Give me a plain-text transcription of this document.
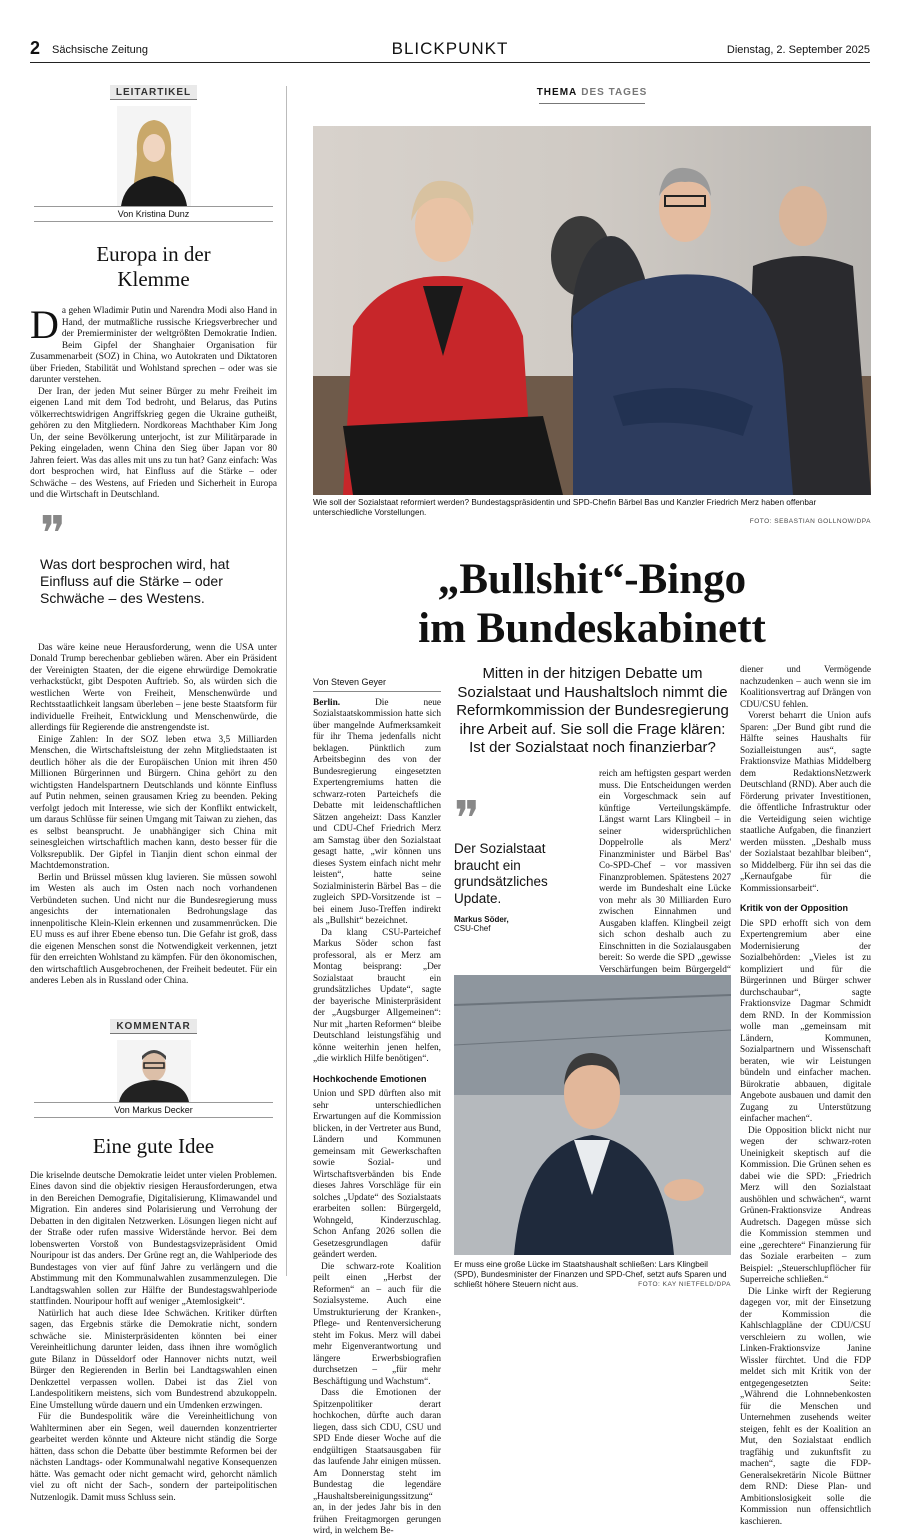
2 Sächsische Zeitung	BLICKPUNKT	Dienstag, 2. September 2025
LEITARTIKEL
Von Kristina Dunz
Europa in der Klemme

Da gehen Wladimir Putin und Narendra Modi also Hand in Hand, der mutmaßliche russische Kriegsverbrecher und der Premierminister der weltgrößten Demokratie Indien. Beim Gipfel der Shanghaier Organisation für Zusammenarbeit (SOZ) in China, wo Autokraten und Diktatoren über Frieden, Stabilität und Wohlstand sprechen – oder was sie darunter verstehen.

Der Iran, der jeden Mut seiner Bürger zu mehr Freiheit im eigenen Land mit dem Tod bedroht, und Belarus, das Putins völkerrechtswidrigen Angriffskrieg gegen die Ukraine gutheißt, gehören zu den Mitgliedern. Nordkoreas Machthaber Kim Jong Un, der seine Bevölkerung unterjocht, ist zur Militärparade in Peking eingeladen, wenn China den Sieg über Japan vor 80 Jahren feiert. Was das alles mit uns zu tun hat? Ganz einfach: Was dort besprochen wird, hat Einfluss auf die Stärke – oder Schwäche – des Westens, auf Frieden und Sicherheit in Europa und die Wirtschaft in Deutschland.

❞
Was dort besprochen wird, hat Einfluss auf die Stärke – oder Schwäche – des Westens.

Das wäre keine neue Herausforderung, wenn die USA unter Donald Trump berechenbar geblieben wären. Aber ein Präsident der Vereinigten Staaten, der die eigene ehrwürdige Demokratie verhackstückt, gibt Despoten Auftrieb. So, als würden sich die westlichen Werte von Freiheit, Menschenwürde und Rechtsstaatlichkeit langsam überleben – jene beste Staatsform für individuelle Freiheit, Entwicklung und Menschenwürde, die allerdings für Regierende die anstrengendste ist.

Einige Zahlen: In der SOZ leben etwa 3,5 Milliarden Menschen, die Wirtschaftsleistung der zehn Mitgliedstaaten ist deutlich höher als die der Europäischen Union mit ihren 450 Millionen Bürgerinnen und Bürgern. China gehört zu den wichtigsten Handelspartnern Deutschlands und könnte Einfluss auf Putin nehmen, seinen grausamen Krieg zu beenden. Peking verfolgt jedoch mit Interesse, wie sich der Konflikt entwickelt, um daraus Schlüsse für seinen Umgang mit Taiwan zu ziehen, das es selbst beansprucht. Je unabhängiger sich China mit seinesgleichen wirtschaftlich machen kann, desto besser für die Volksrepublik. Der Gipfel in Tianjin dient schon einmal der Machtdemonstration.

Berlin und Brüssel müssen klug lavieren. Sie müssen sowohl im Westen als auch im Osten nach noch vorhandenen Verbündeten suchen. Und nicht nur die Bundesregierung muss angesichts der internationalen Bedrohungslage das innenpolitische Klein-Klein erkennen und zusammenrücken. Die EU muss es auf ihrer Ebene ebenso tun. Die Gefahr ist groß, dass die eigenen Menschen sonst die Notwendigkeit verkennen, jetzt für den erreichten Wohlstand zu kämpfen. Für den ökonomischen, den wirtschaftlich Ausgebrochenen, der Freiheit bedeutet. Für ein anderes Leben als in Russland oder China.

KOMMENTAR
Von Markus Decker
Eine gute Idee

Die kriselnde deutsche Demokratie leidet unter vielen Problemen. Eines davon sind die objektiv riesigen Herausforderungen, etwa in den Bereichen Demografie, Digitalisierung, Klimawandel und Migration. Ein anderes sind Polarisierung und Verrohung der Debatten in den digitalen Netzwerken. Lösungen liegen nicht auf der Straße oder rufen massive Widerstände hervor. Bei dem lobenswerten Vorstoß von Bundestagsvizepräsident Omid Nouripour ist das anders. Der Grüne regt an, die Wahlperiode des Bundestages von vier auf fünf Jahre zu verlängern und die Abstimmung mit den Kommunalwahlen zusammenzulegen. Die Landtagswahlen sollen zur Hälfte der Bundestagswahlperiode stattfinden. Nouripour hofft auf weniger „Atemlosigkeit“.

Natürlich hat auch diese Idee Schwächen. Kritiker dürften sagen, das Ergebnis stärke die Demokratie nicht, sondern schwäche sie. Ministerpräsidenten könnten bei einer Vereinheitlichung darunter leiden, dass ihnen ihre womöglich gute Bilanz in Düsseldorf oder Hannover nichts nutzt, weil Bürger den Regierenden in Berlin bei Landtagswahlen einen Denkzettel verpassen wollen. Dabei ist das Ziel von Landespolitikern meistens, sich vom Bundestrend abzukoppeln. Eine Umstellung würde dauern und ein Umdenken erzwingen.

Für die Bundespolitik wäre die Vereinheitlichung von Wahlterminen aber ein Segen, weil dauernden konzentrierter gearbeitet werden könnte und Akteure nicht ständig die Sorge hätten, dass schon die Debatte über bestimmte Reformen bei der nächsten Landtags- oder Kommunalwahl negative Konsequenzen hätte. Was gemacht oder nicht gemacht wird, gehorcht nämlich viel zu oft nicht der Sach-, sondern der parteipolitischen Nutzenlogik. Damit muss Schluss sein.

THEMA DES TAGES
Wie soll der Sozialstaat reformiert werden? Bundestagspräsidentin und SPD-Chefin Bärbel Bas und Kanzler Friedrich Merz haben offenbar unterschiedliche Vorstellungen.
FOTO: SEBASTIAN GOLLNOW/DPA
„Bullshit“-Bingo
im Bundeskabinett
Mitten in der hitzigen Debatte um Sozialstaat und Haushaltsloch nimmt die Reformkommission der Bundesregierung ihre Arbeit auf. Sie soll die Frage klären: Ist der Sozialstaat noch finanzierbar?
Von Steven Geyer

Berlin.	Die neue Sozialstaatskommission hatte sich über mangelnde Aufmerksamkeit für ihr Thema jedenfalls nicht beklagen. Pünktlich zum Arbeitsbeginn des von der Bundesregierung eingesetzten Expertengremiums hatten die schwarz-roten Parteichefs die Debatte mit leidenschaftlichen Sätzen angeheizt: Dass Kanzler und CDU-Chef Friedrich Merz am Samstag über den Sozialstaat gesagt hatte, „wir können uns dieses System einfach nicht mehr leisten“, hatte seine Sozialministerin Bärbel Bas – die zugleich SPD-Vorsitzende ist – bei einem Juso-Treffen indirekt als „Bullshit“ bezeichnet.

Da klang CSU-Parteichef Markus Söder schon fast professoral, als er Merz am Montag beisprang: „Der Sozialstaat braucht ein grundsätzliches Update“, sagte der bayerische Ministerpräsident der „Augsburger Allgemeinen“: Nur mit „harten Reformen“ bleibe Deutschland leistungsfähig und könne weiterhin jenen helfen, „die wirklich Hilfe benötigen“.

Hochkochende Emotionen

Union und SPD dürften also mit sehr unterschiedlichen Erwartungen auf die Kommission blicken, in der Vertreter aus Bund, Ländern und Kommunen gemeinsam mit Gewerkschaften sowie Sozial- und Wirtschaftsverbänden bis Ende dieses Jahres Vorschläge für ein solches „Update“ des Sozialstaats erarbeiten sollen: Bürgergeld, Wohngeld, Kinderzuschlag. Schon Anfang 2026 sollen die Gesetzesgrundlagen dafür geändert werden.

Die schwarz-rote Koalition peilt einen „Herbst der Reformen“ an – auch für die Sozialsysteme. Auch eine Umstrukturierung der Kranken-, Pflege- und Rentenversicherung steht im Fokus. Merz will dabei mehr Eigenverantwortung und längere Erwerbsbiografien durchsetzen – „für mehr Beschäftigung und Wachstum“.

Dass die Emotionen der Spitzenpolitiker derart hochkochen, dürfte auch daran liegen, dass sich CDU, CSU und SPD Ende dieser Woche auf die endgültigen Staatsausgaben für das laufende Jahr einigen müssen. Am Donnerstag steht im Bundestag die legendäre „Haushaltsbereinigungssitzung“ an, in der jedes Jahr bis in den frühen Freitagmorgen gerungen wird, in welchem Be-

❞
Der Sozialstaat braucht ein grundsätzliches Update.
Markus Söder,
CSU-Chef

reich am heftigsten gespart werden muss. Die Entscheidungen werden ein Vorgeschmack sein auf künftige Verteilungskämpfe. Längst warnt Lars Klingbeil – in seiner widersprüchlichen Doppelrolle als Merz' Finanzminister und Bärbel Bas' Co-SPD-Chef – vor massiven Finanzproblemen. Spätestens 2027 werde im Bundeshalt eine Lücke von mehr als 30 Milliarden Euro zwischen Einnahmen und Ausgaben klaffen. Klingbeil zeigt sich schon deshalb auch zu Einschnitten in die Sozialausgaben bereit: So werde die SPD „gewisse Verschärfungen beim Bürgergeld“

Er muss eine große Lücke im Staatshaushalt schließen: Lars Klingbeil (SPD), Bundesminister der Finanzen und SPD-Chef, setzt aufs Sparen und schließt höhere Steuern nicht aus.	FOTO: KAY NIETFELD/DPA

diener und Vermögende nachzudenken – auch wenn sie im Koalitionsvertrag auf Drängen von CDU/CSU fehlen.

Vorerst beharrt die Union aufs Sparen: „Der Bund gibt rund die Hälfte seines Haushalts für Sozialleistungen aus“, sagte Fraktionsvize Mathias Middelberg dem RedaktionsNetzwerk Deutschland (RND). Aber auch die Förderung privater Investitionen, die öffentliche Infrastruktur oder die Verteidigung seien wichtige staatliche Aufgaben, die finanziert werden müssten. „Deshalb muss der Sozialstaat bezahlbar bleiben“, so Middelberg. Für ihn sei das die „Kernaufgabe für die Kommissionsarbeit“.

Kritik von der Opposition

Die SPD erhofft sich von dem Expertengremium aber eine Modernisierung der Sozialbehörden: „Vieles ist zu kompliziert und für die Bürgerinnen und Bürger schwer durchschaubar“, sagte Fraktionsvize Dagmar Schmidt dem RND. In der Kommission wolle man „gemeinsam mit Ländern, Kommunen, Sozialpartnern und Wissenschaft beraten, wie wir Leistungen bündeln und einfacher machen. Bürokratie abbauen, digitale Angebote ausbauen und damit den Zugang zu Unterstützung einfacher machen“.

Die Opposition blickt nicht nur wegen der schwarz-roten Uneinigkeit skeptisch auf die Kommission. Die Grünen sehen es dabei wie die SPD: „Friedrich Merz will den Sozialstaat aushöhlen und schwächen“, warnt Grünen-Fraktionsvize Andreas Audretsch. Dagegen müsse sich die Kommission stemmen und eine „gerechtere“ Finanzierung für das Soziale erarbeiten – zum Beispiel: „Steuerschlupflöcher für Superreiche schließen.“

Die Linke wirft der Regierung dagegen vor, mit der Einsetzung der Kommission die Kahlschlagpläne der CDU/CSU verschleiern zu wollen, wie Linken-Fraktionsvize Janine Wissler fürchtet. Und die FDP meldet sich mit Kritik von der entgegengesetzten Seite: „Während die Lohnnebenkosten für die Menschen und Unternehmen zusehends weiter steigen, fehlt es der Koalition an Mut, den Sozialstaat endlich tragfähig und zukunftsfit zu machen“, sagte die FDP-Generalsekretärin Nicole Büttner dem RND: Diese Plan- und Ambitionslosigkeit solle die Kommission nun offensichtlich kaschieren.
